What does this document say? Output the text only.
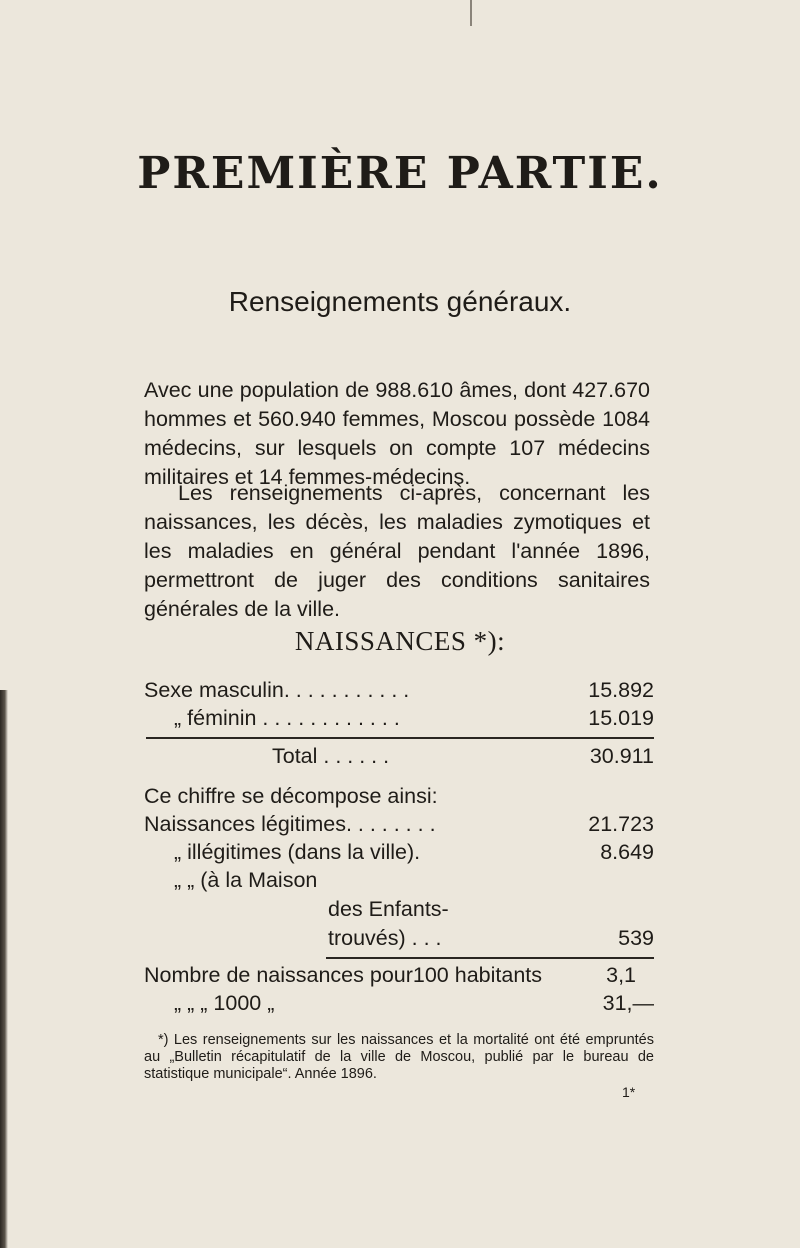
PREMIÈRE PARTIE.
Renseignements généraux.

Avec une population de 988.610 âmes, dont 427.670 hommes et 560.940 femmes, Moscou possède 1084 médecins, sur lesquels on compte 107 médecins militaires et 14 femmes-médecins.

Les renseignements ci-après, concernant les naissances, les décès, les maladies zymotiques et les maladies en général pendant l'année 1896, permettront de juger des conditions sanitaires générales de la ville.

NAISSANCES *):
Sexe masculin. . . . . . . . . . .	15.892
„ féminin . . . . . . . . . . . .	15.019
Total . . . . . .	30.911
Ce chiffre se décompose ainsi:
Naissances légitimes. . . . . . . .	21.723
„ illégitimes (dans la ville).	8.649
„ „ (à la Maison
des Enfants-
trouvés) . . .	539
Nombre de naissances pour100 habitants	3,1
„ „ „ 1000 „	31,—

*) Les renseignements sur les naissances et la mortalité ont été empruntés au „Bulletin récapitulatif de la ville de Moscou, publié par le bureau de statistique municipale“. Année 1896.

1*
